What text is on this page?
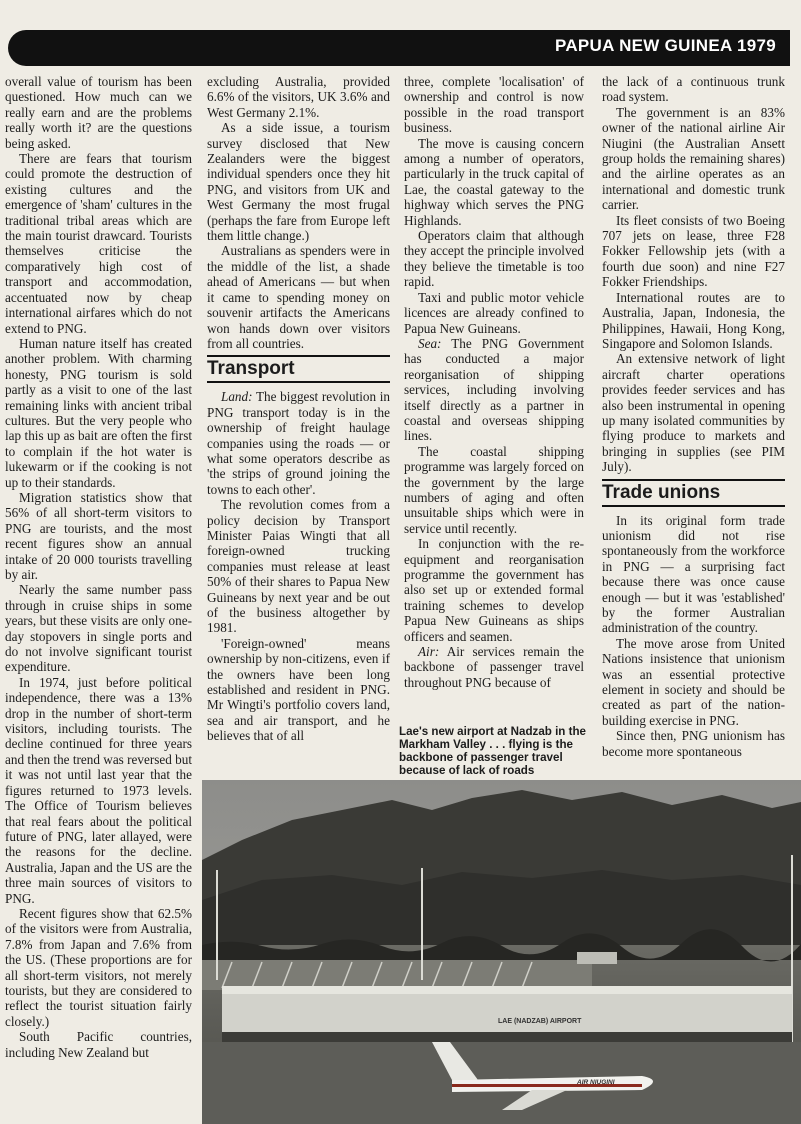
PAPUA NEW GUINEA 1979

overall value of tourism has been questioned. How much can we really earn and are the problems really worth it? are the questions being asked.

There are fears that tourism could promote the destruction of existing cultures and the emergence of 'sham' cultures in the traditional tribal areas which are the main tourist drawcard. Tourists themselves criticise the comparatively high cost of transport and accommodation, accentuated now by cheap international airfares which do not extend to PNG.

Human nature itself has created another problem. With charming honesty, PNG tourism is sold partly as a visit to one of the last remaining links with ancient tribal cultures. But the very people who lap this up as bait are often the first to complain if the hot water is lukewarm or if the cooking is not up to their standards.

Migration statistics show that 56% of all short-term visitors to PNG are tourists, and the most recent figures show an annual intake of 20 000 tourists travelling by air.

Nearly the same number pass through in cruise ships in some years, but these visits are only one-day stopovers in single ports and do not involve significant tourist expenditure.

In 1974, just before political independence, there was a 13% drop in the number of short-term visitors, including tourists. The decline continued for three years and then the trend was reversed but it was not until last year that the figures returned to 1973 levels. The Office of Tourism believes that real fears about the political future of PNG, later allayed, were the reasons for the decline. Australia, Japan and the US are the three main sources of visitors to PNG.

Recent figures show that 62.5% of the visitors were from Australia, 7.8% from Japan and 7.6% from the US. (These proportions are for all short-term visitors, not merely tourists, but they are considered to reflect the tourist situation fairly closely.)

South Pacific countries, including New Zealand but

excluding Australia, provided 6.6% of the visitors, UK 3.6% and West Germany 2.1%.

As a side issue, a tourism survey disclosed that New Zealanders were the biggest individual spenders once they hit PNG, and visitors from UK and West Germany the most frugal (perhaps the fare from Europe left them little change.)

Australians as spenders were in the middle of the list, a shade ahead of Americans — but when it came to spending money on souvenir artifacts the Americans won hands down over visitors from all countries.

Transport

Land: The biggest revolution in PNG transport today is in the ownership of freight haulage companies using the roads — or what some operators describe as 'the strips of ground joining the towns to each other'.

The revolution comes from a policy decision by Transport Minister Paias Wingti that all foreign-owned trucking companies must release at least 50% of their shares to Papua New Guineans by next year and be out of the business altogether by 1981.

'Foreign-owned' means ownership by non-citizens, even if the owners have been long established and resident in PNG. Mr Wingti's portfolio covers land, sea and air transport, and he believes that of all

three, complete 'localisation' of ownership and control is now possible in the road transport business.

The move is causing concern among a number of operators, particularly in the truck capital of Lae, the coastal gateway to the highway which serves the PNG Highlands.

Operators claim that although they accept the principle involved they believe the timetable is too rapid.

Taxi and public motor vehicle licences are already confined to Papua New Guineans.

Sea: The PNG Government has conducted a major reorganisation of shipping services, including involving itself directly as a partner in coastal and overseas shipping lines.

The coastal shipping programme was largely forced on the government by the large numbers of aging and often unsuitable ships which were in service until recently.

In conjunction with the re-equipment and reorganisation programme the government has also set up or extended formal training schemes to develop Papua New Guineans as ships officers and seamen.

Air: Air services remain the backbone of passenger travel throughout PNG because of

Lae's new airport at Nadzab in the Markham Valley . . . flying is the backbone of passenger travel because of lack of roads

the lack of a continuous trunk road system.

The government is an 83% owner of the national airline Air Niugini (the Australian Ansett group holds the remaining shares) and the airline operates as an international and domestic trunk carrier.

Its fleet consists of two Boeing 707 jets on lease, three F28 Fokker Fellowship jets (with a fourth due soon) and nine F27 Fokker Friendships.

International routes are to Australia, Japan, Indonesia, the Philippines, Hawaii, Hong Kong, Singapore and Solomon Islands.

An extensive network of light aircraft charter operations provides feeder services and has also been instrumental in opening up many isolated communities by flying produce to markets and bringing in supplies (see PIM July).

Trade unions

In its original form trade unionism did not rise spontaneously from the workforce in PNG — a surprising fact because there was once cause enough — but it was 'established' by the former Australian administration of the country.

The move arose from United Nations insistence that unionism was an essential protective element in society and should be created as part of the nation-building exercise in PNG.

Since then, PNG unionism has become more spontaneous

LAE (NADZAB) AIRPORT
AIR NIUGINI
